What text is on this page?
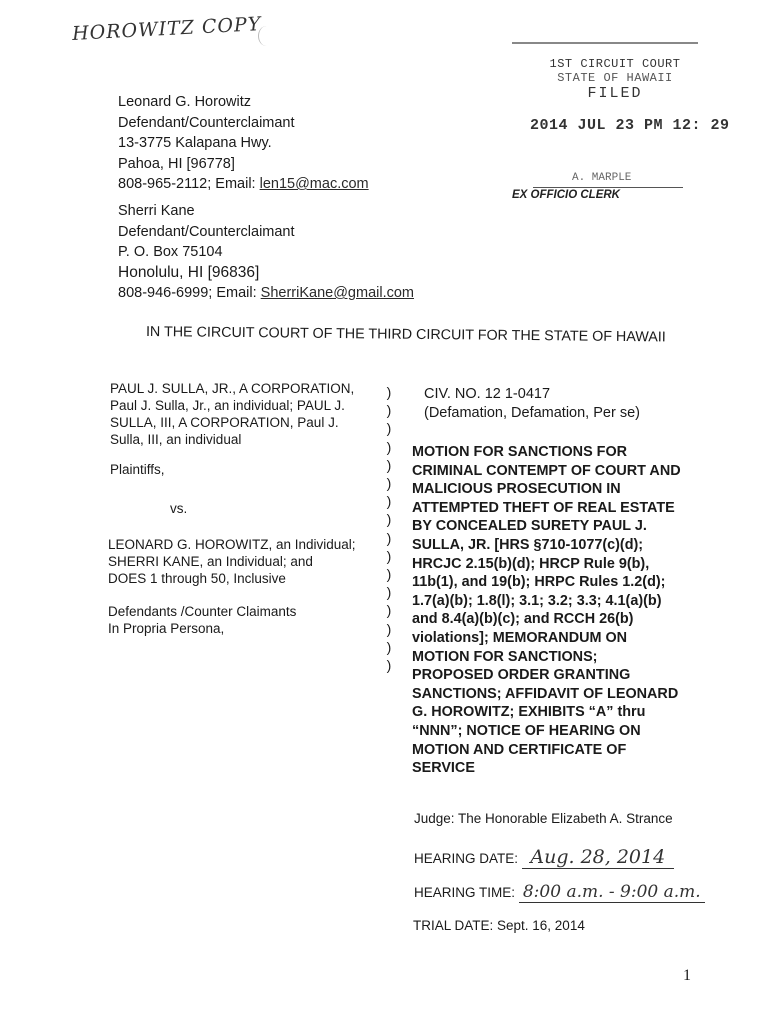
HOROWITZ COPY
1ST CIRCUIT COURT
STATE OF HAWAII
FILED
2014 JUL 23 PM 12: 29
A. MARPLE
EX OFFICIO CLERK
Leonard G. Horowitz
Defendant/Counterclaimant
13-3775 Kalapana Hwy.
Pahoa, HI [96778]
808-965-2112; Email: len15@mac.com
Sherri Kane
Defendant/Counterclaimant
P. O. Box 75104
Honolulu, HI [96836]
808-946-6999; Email: SherriKane@gmail.com
IN THE CIRCUIT COURT OF THE THIRD CIRCUIT FOR THE STATE OF HAWAII
PAUL J. SULLA, JR., A CORPORATION,
Paul J. Sulla, Jr., an individual; PAUL J.
SULLA, III, A CORPORATION, Paul J.
Sulla, III, an individual
Plaintiffs,
vs.
LEONARD G. HOROWITZ, an Individual;
SHERRI KANE, an Individual; and
DOES 1 through 50, Inclusive
Defendants /Counter Claimants
In Propria Persona,
)
)
)
)
)
)
)
)
)
)
)
)
)
)
)
)
CIV. NO. 12 1-0417
(Defamation, Defamation, Per se)
MOTION FOR SANCTIONS FOR
CRIMINAL CONTEMPT OF COURT AND
MALICIOUS PROSECUTION IN
ATTEMPTED THEFT OF REAL ESTATE
BY CONCEALED SURETY PAUL J.
SULLA, JR. [HRS §710-1077(c)(d);
HRCJC 2.15(b)(d); HRCP Rule 9(b),
11b(1), and 19(b); HRPC Rules 1.2(d);
1.7(a)(b); 1.8(l); 3.1; 3.2; 3.3; 4.1(a)(b)
and 8.4(a)(b)(c); and RCCH 26(b)
violations]; MEMORANDUM ON
MOTION FOR SANCTIONS;
PROPOSED ORDER GRANTING
SANCTIONS; AFFIDAVIT OF LEONARD
G. HOROWITZ; EXHIBITS “A” thru
“NNN”; NOTICE OF HEARING ON
MOTION AND CERTIFICATE OF
SERVICE
Judge: The Honorable Elizabeth A. Strance
HEARING DATE: Aug. 28, 2014
HEARING TIME: 8:00 a.m. - 9:00 a.m.
TRIAL DATE: Sept. 16, 2014
1
